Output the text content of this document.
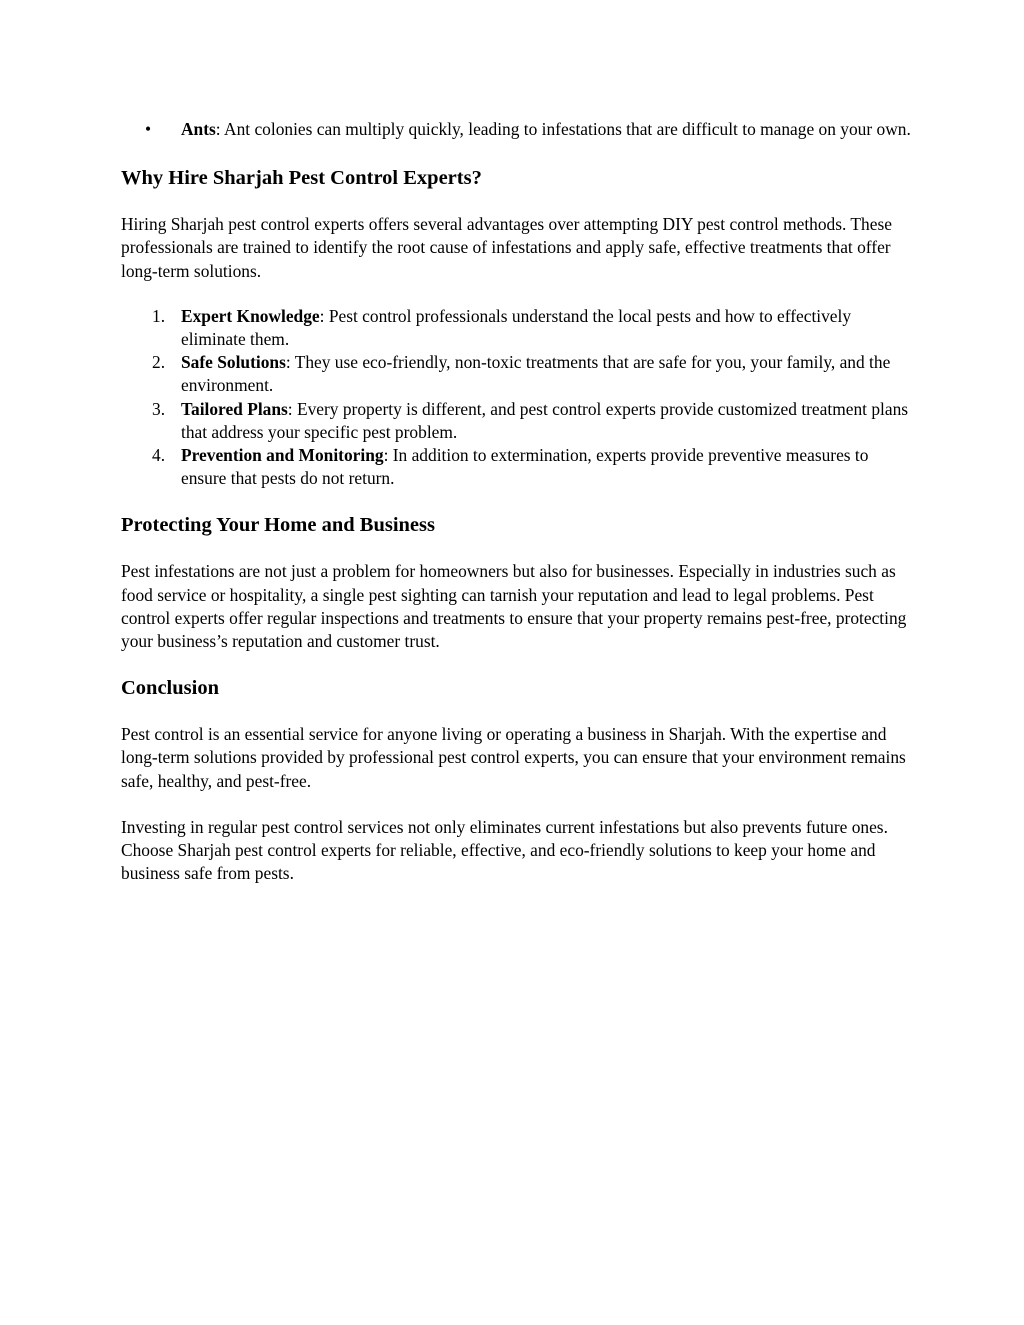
• Ants: Ant colonies can multiply quickly, leading to infestations that are difficult to manage on your own.
Why Hire Sharjah Pest Control Experts?

Hiring Sharjah pest control experts offers several advantages over attempting DIY pest control methods. These professionals are trained to identify the root cause of infestations and apply safe, effective treatments that offer long-term solutions.

1. Expert Knowledge: Pest control professionals understand the local pests and how to effectively eliminate them.
2. Safe Solutions: They use eco-friendly, non-toxic treatments that are safe for you, your family, and the environment.
3. Tailored Plans: Every property is different, and pest control experts provide customized treatment plans that address your specific pest problem.
4. Prevention and Monitoring: In addition to extermination, experts provide preventive measures to ensure that pests do not return.
Protecting Your Home and Business

Pest infestations are not just a problem for homeowners but also for businesses. Especially in industries such as food service or hospitality, a single pest sighting can tarnish your reputation and lead to legal problems. Pest control experts offer regular inspections and treatments to ensure that your property remains pest-free, protecting your business’s reputation and customer trust.

Conclusion

Pest control is an essential service for anyone living or operating a business in Sharjah. With the expertise and long-term solutions provided by professional pest control experts, you can ensure that your environment remains safe, healthy, and pest-free.

Investing in regular pest control services not only eliminates current infestations but also prevents future ones. Choose Sharjah pest control experts for reliable, effective, and eco-friendly solutions to keep your home and business safe from pests.
